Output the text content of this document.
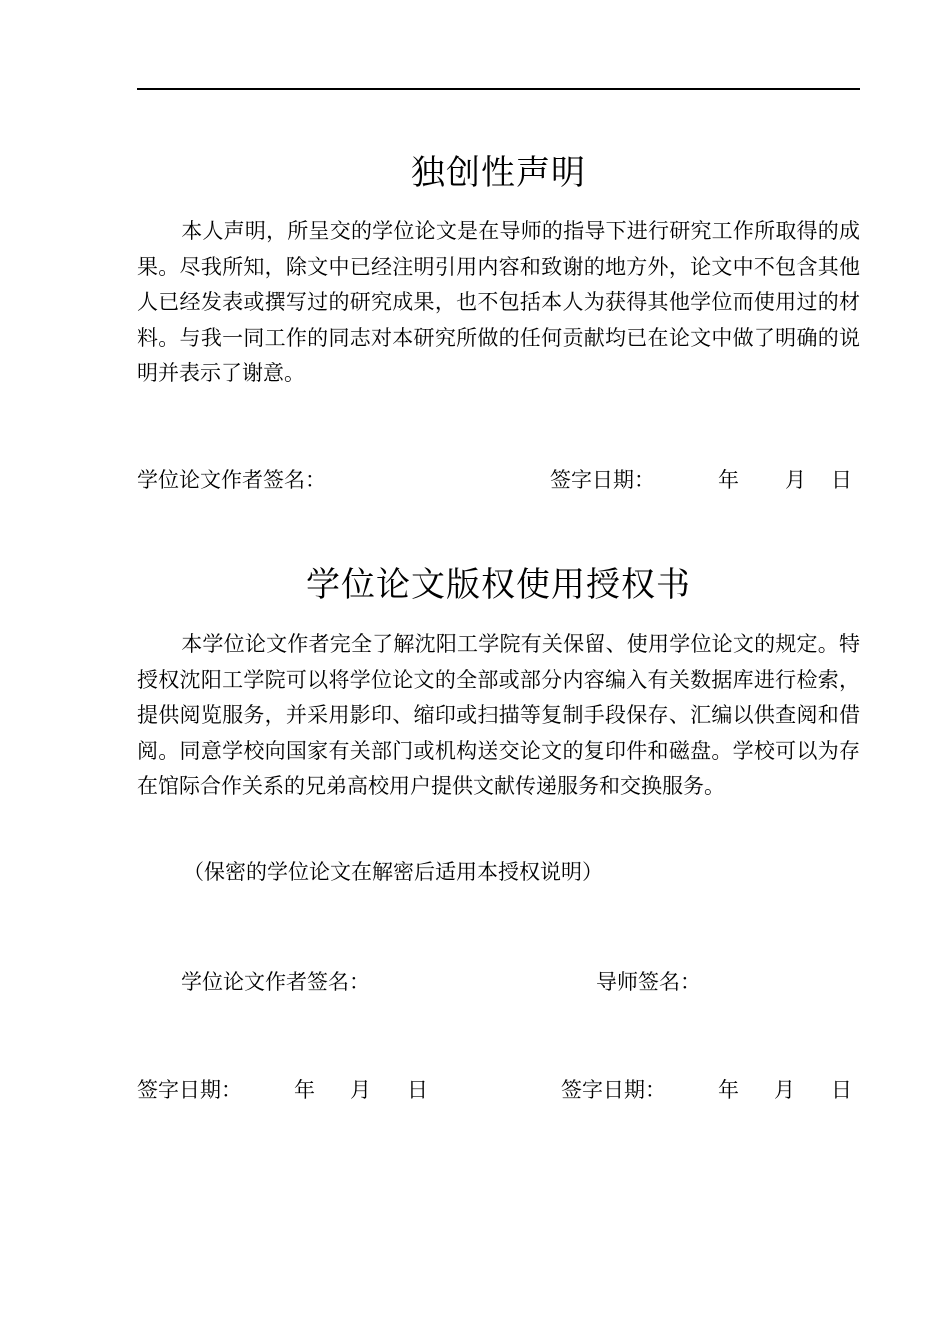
独创性声明

本人声明，所呈交的学位论文是在导师的指导下进行研究工作所取得的成果。尽我所知，除文中已经注明引用内容和致谢的地方外，论文中不包含其他人已经发表或撰写过的研究成果，也不包括本人为获得其他学位而使用过的材料。与我一同工作的同志对本研究所做的任何贡献均已在论文中做了明确的说明并表示了谢意。

学位论文作者签名：	签字日期：	年 月 日
学位论文版权使用授权书

本学位论文作者完全了解沈阳工学院有关保留、使用学位论文的规定。特授权沈阳工学院可以将学位论文的全部或部分内容编入有关数据库进行检索，提供阅览服务，并采用影印、缩印或扫描等复制手段保存、汇编以供查阅和借阅。同意学校向国家有关部门或机构送交论文的复印件和磁盘。学校可以为存在馆际合作关系的兄弟高校用户提供文献传递服务和交换服务。

（保密的学位论文在解密后适用本授权说明）
学位论文作者签名：	导师签名：
签字日期： 年 月 日	签字日期： 年 月 日
